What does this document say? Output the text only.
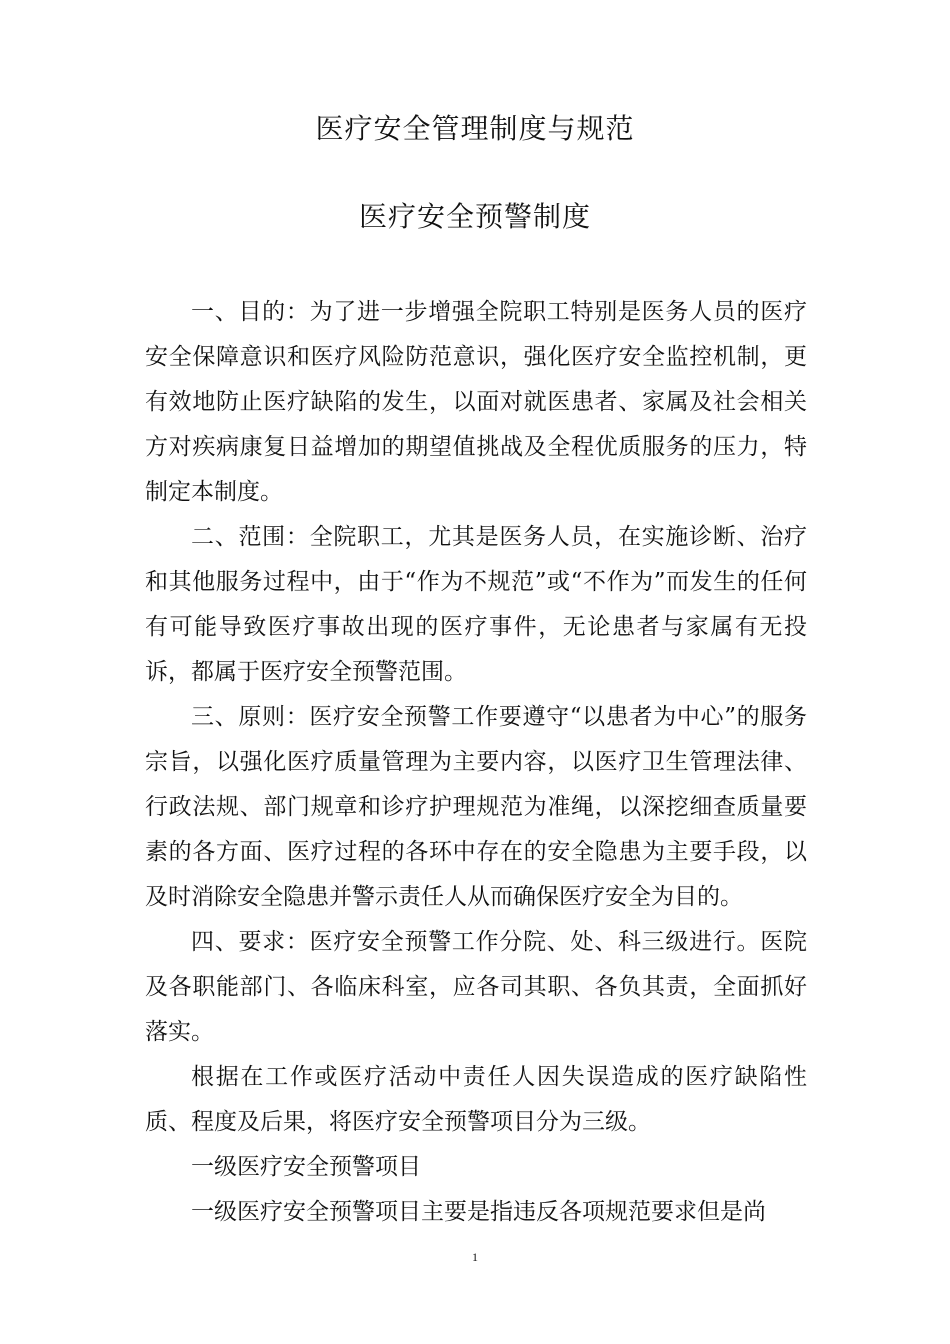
医疗安全管理制度与规范
医疗安全预警制度

一、目的：为了进一步增强全院职工特别是医务人员的医疗安全保障意识和医疗风险防范意识，强化医疗安全监控机制，更有效地防止医疗缺陷的发生，以面对就医患者、家属及社会相关方对疾病康复日益增加的期望值挑战及全程优质服务的压力，特制定本制度。

二、范围：全院职工，尤其是医务人员，在实施诊断、治疗和其他服务过程中，由于“作为不规范”或“不作为”而发生的任何有可能导致医疗事故出现的医疗事件，无论患者与家属有无投诉，都属于医疗安全预警范围。

三、原则：医疗安全预警工作要遵守“以患者为中心”的服务宗旨，以强化医疗质量管理为主要内容，以医疗卫生管理法律、行政法规、部门规章和诊疗护理规范为准绳，以深挖细查质量要素的各方面、医疗过程的各环中存在的安全隐患为主要手段，以及时消除安全隐患并警示责任人从而确保医疗安全为目的。

四、要求：医疗安全预警工作分院、处、科三级进行。医院及各职能部门、各临床科室，应各司其职、各负其责，全面抓好落实。

根据在工作或医疗活动中责任人因失误造成的医疗缺陷性质、程度及后果，将医疗安全预警项目分为三级。

一级医疗安全预警项目

一级医疗安全预警项目主要是指违反各项规范要求但是尚

1
